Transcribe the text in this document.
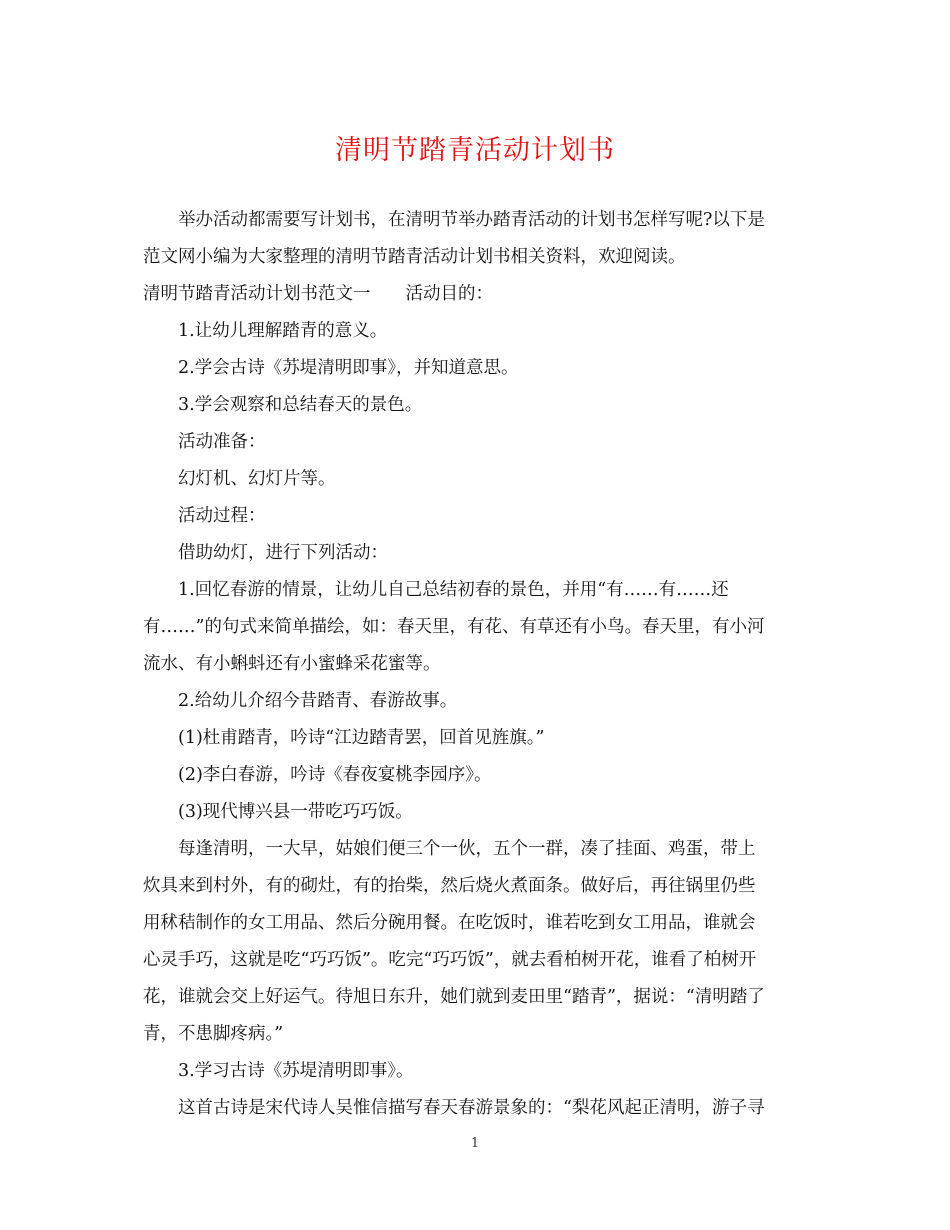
清明节踏青活动计划书
举办活动都需要写计划书，在清明节举办踏青活动的计划书怎样写呢?以下是
范文网小编为大家整理的清明节踏青活动计划书相关资料，欢迎阅读。
清明节踏青活动计划书范文一　　活动目的：
1.让幼儿理解踏青的意义。
2.学会古诗《苏堤清明即事》，并知道意思。
3.学会观察和总结春天的景色。
活动准备：
幻灯机、幻灯片等。
活动过程：
借助幼灯，进行下列活动：
1.回忆春游的情景，让幼儿自己总结初春的景色，并用“有……有……还
有……”的句式来简单描绘，如：春天里，有花、有草还有小鸟。春天里，有小河
流水、有小蝌蚪还有小蜜蜂采花蜜等。
2.给幼儿介绍今昔踏青、春游故事。
(1)杜甫踏青，吟诗“江边踏青罢，回首见旌旗。”
(2)李白春游，吟诗《春夜宴桃李园序》。
(3)现代博兴县一带吃巧巧饭。
每逢清明，一大早，姑娘们便三个一伙，五个一群，凑了挂面、鸡蛋，带上
炊具来到村外，有的砌灶，有的抬柴，然后烧火煮面条。做好后，再往锅里仍些
用秫秸制作的女工用品、然后分碗用餐。在吃饭时，谁若吃到女工用品，谁就会
心灵手巧，这就是吃“巧巧饭”。吃完“巧巧饭”，就去看柏树开花，谁看了柏树开
花，谁就会交上好运气。待旭日东升，她们就到麦田里“踏青”，据说：“清明踏了
青，不患脚疼病。”
3.学习古诗《苏堤清明即事》。
这首古诗是宋代诗人吴惟信描写春天春游景象的：“梨花风起正清明，游子寻
1
